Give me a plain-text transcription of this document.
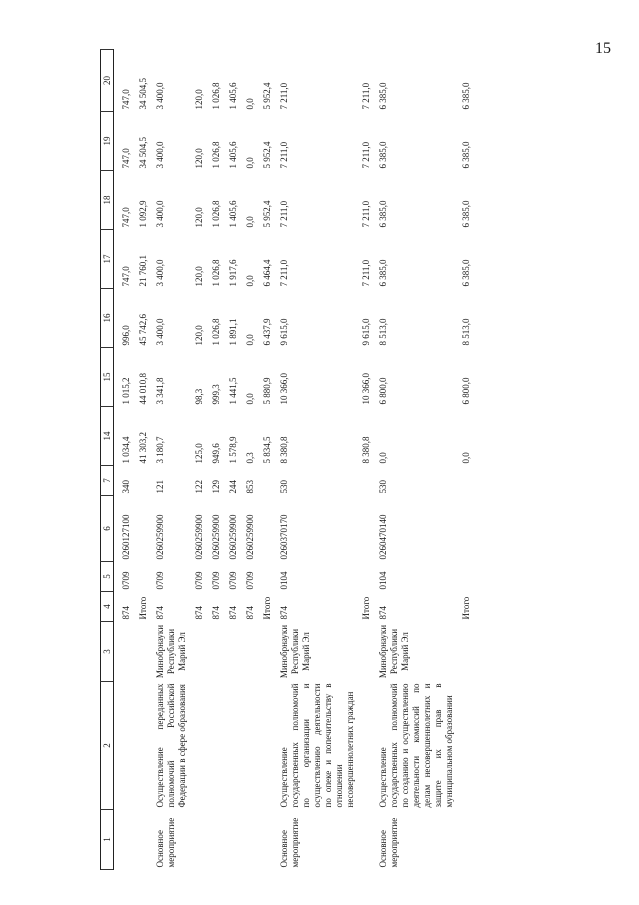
15
1	2	3	4	5	6	7	14	15	16	17	18	19	20
			874	0709	0260127100	340	1 034,4	1 015,2	996,0	747,0	747,0	747,0	747,0
			Итого				41 303,2	44 010,8	45 742,6	21 760,1	1 092,9	34 504,5	34 504,5
Основное мероприятие	Осуществление переданных полномочий Российской Федерации в сфере образования	Минобрнауки Республики Марий Эл	874	0709	0260259900	121	3 180,7	3 341,8	3 400,0	3 400,0	3 400,0	3 400,0	3 400,0
			874	0709	0260259900	122	125,0	98,3	120,0	120,0	120,0	120,0	120,0
			874	0709	0260259900	129	949,6	999,3	1 026,8	1 026,8	1 026,8	1 026,8	1 026,8
			874	0709	0260259900	244	1 578,9	1 441,5	1 891,1	1 917,6	1 405,6	1 405,6	1 405,6
			874	0709	0260259900	853	0,3	0,0	0,0	0,0	0,0	0,0	0,0
			Итого				5 834,5	5 880,9	6 437,9	6 464,4	5 952,4	5 952,4	5 952,4
Основное мероприятие	Осуществление государственных полномочий по организации и осуществлению деятельности по опеке и попечительству в отношении несовершеннолетних граждан	Минобрнауки Республики Марий Эл	874	0104	0260370170	530	8 380,8	10 366,0	9 615,0	7 211,0	7 211,0	7 211,0	7 211,0
			Итого				8 380,8	10 366,0	9 615,0	7 211,0	7 211,0	7 211,0	7 211,0
Основное мероприятие	Осуществление государственных полномочий по созданию и осуществлению деятельности комиссий по делам несовершеннолетних и защите их прав в муниципальном образовании	Минобрнауки Республики Марий Эл	874	0104	0260470140	530	0,0	6 800,0	8 513,0	6 385,0	6 385,0	6 385,0	6 385,0
			Итого				0,0	6 800,0	8 513,0	6 385,0	6 385,0	6 385,0	6 385,0
